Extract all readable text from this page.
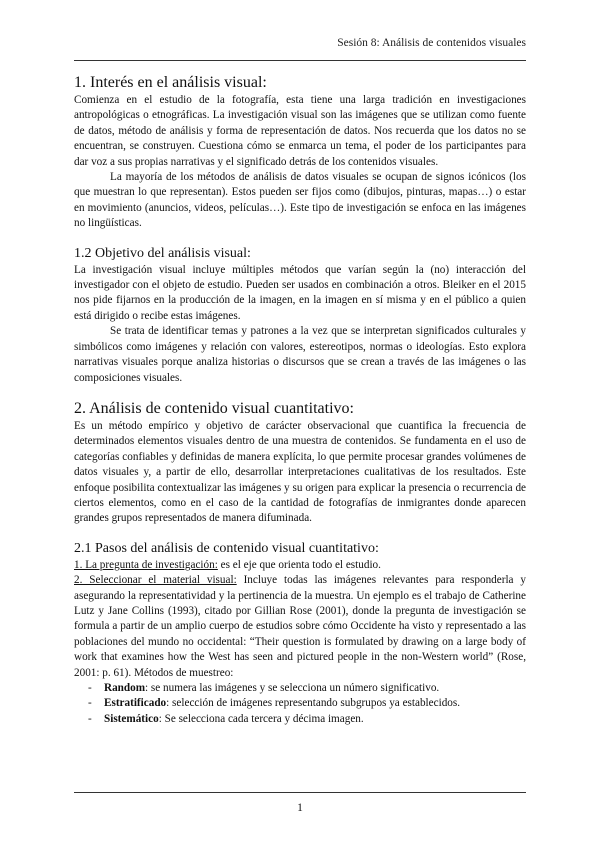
Sesión 8: Análisis de contenidos visuales
1. Interés en el análisis visual:

Comienza en el estudio de la fotografía, esta tiene una larga tradición en investigaciones antropológicas o etnográficas. La investigación visual son las imágenes que se utilizan como fuente de datos, método de análisis y forma de representación de datos. Nos recuerda que los datos no se encuentran, se construyen. Cuestiona cómo se enmarca un tema, el poder de los participantes para dar voz a sus propias narrativas y el significado detrás de los contenidos visuales.

La mayoría de los métodos de análisis de datos visuales se ocupan de signos icónicos (los que muestran lo que representan). Estos pueden ser fijos como (dibujos, pinturas, mapas…) o estar en movimiento (anuncios, videos, películas…). Este tipo de investigación se enfoca en las imágenes no lingüísticas.

1.2 Objetivo del análisis visual:

La investigación visual incluye múltiples métodos que varían según la (no) interacción del investigador con el objeto de estudio. Pueden ser usados en combinación a otros. Bleiker en el 2015 nos pide fijarnos en la producción de la imagen, en la imagen en sí misma y en el público a quien está dirigido o recibe estas imágenes.

Se trata de identificar temas y patrones a la vez que se interpretan significados culturales y simbólicos como imágenes y relación con valores, estereotipos, normas o ideologías. Esto explora narrativas visuales porque analiza historias o discursos que se crean a través de las imágenes o las composiciones visuales.

2. Análisis de contenido visual cuantitativo:

Es un método empírico y objetivo de carácter observacional que cuantifica la frecuencia de determinados elementos visuales dentro de una muestra de contenidos. Se fundamenta en el uso de categorías confiables y definidas de manera explícita, lo que permite procesar grandes volúmenes de datos visuales y, a partir de ello, desarrollar interpretaciones cualitativas de los resultados. Este enfoque posibilita contextualizar las imágenes y su origen para explicar la presencia o recurrencia de ciertos elementos, como en el caso de la cantidad de fotografías de inmigrantes donde aparecen grandes grupos representados de manera difuminada.

2.1 Pasos del análisis de contenido visual cuantitativo:

1. La pregunta de investigación: es el eje que orienta todo el estudio.

2. Seleccionar el material visual: Incluye todas las imágenes relevantes para responderla y asegurando la representatividad y la pertinencia de la muestra. Un ejemplo es el trabajo de Catherine Lutz y Jane Collins (1993), citado por Gillian Rose (2001), donde la pregunta de investigación se formula a partir de un amplio cuerpo de estudios sobre cómo Occidente ha visto y representado a las poblaciones del mundo no occidental: “Their question is formulated by drawing on a large body of work that examines how the West has seen and pictured people in the non-Western world” (Rose, 2001: p. 61). Métodos de muestreo:

- Random: se numera las imágenes y se selecciona un número significativo.
- Estratificado: selección de imágenes representando subgrupos ya establecidos.
- Sistemático: Se selecciona cada tercera y décima imagen.
1
